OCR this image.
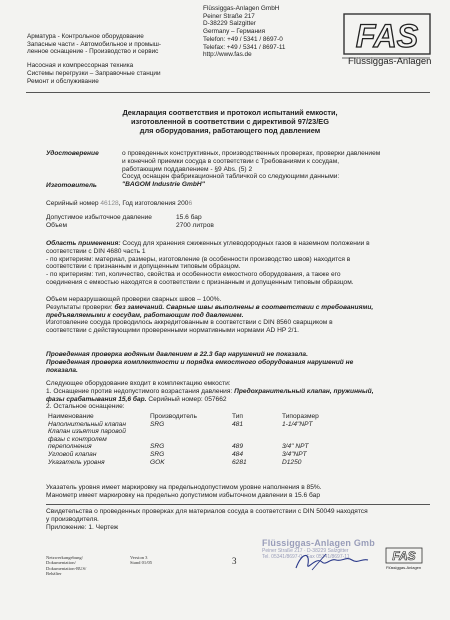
Арматура - Контрольное оборудование
Запасные части - Автомобильное и промыш-
ленное оснащение - Производство и сервис
Насосная и компрессорная техника
Системы перегрузки – Заправочные станции
Ремонт и обслуживание
Flüssiggas-Anlagen GmbH
Peiner Straße 217
D-38229 Salzgitter
Germany – Германия
Telefon: +49 / 5341 / 8697-0
Telefax: +49 / 5341 / 8697-11
http://www.fas.de
FAS
Flüssiggas-Anlagen
Декларация соответствия и протокол испытаний емкости,
изготовленной в соответствии с директивой 97/23/EG
для оборудования, работающего под давлением
Удостоверение	о проведенных конструктивных, производственных проверках, проверки давлением
и конечной приемки сосуда в соответствии с Требованиями к сосудам,
работающим поддавлением - §9 Abs. (5) 2
Сосуд оснащен фабрикационной табличкой со следующими данными:
Изготовитель	"BAGOM Industrie GmbH"
Серийный номер 46128, Год изготовления 2006
Допустимое избыточное давление	15.6 бар
Объем	2700 литров
Область применения: Сосуд для хранения сжиженных углеводородных газов в наземном положении в
соответствии с DIN 4680 часть 1
- по критериям: материал, размеры, изготовление (в особенности производство швов) находится в
соответствии с признанным и допущенным типовым образцом.
- по критериям: тип, количество, свойства и особенности емкостного оборудования, а также его
соединения с емкостью находятся в соответствии с признанным и допущенным типовым образцом.
Объем неразрушающей проверки сварных швов – 100%.
Результаты проверки: без замечаний. Сварные швы выполнены в соответствии с требованиями,
предъявляемыми к сосудам, работающим под давлением.
Изготовление сосуда проводилось аккредитованным в соответствии с DIN 8560 сварщиком в
соответствии с действующими проверенными нормативными нормами AD HP 2/1.
Проведенная проверка водяным давлением в 22.3 бар нарушений не показала.
Проведенная проверка комплектности и порядка емкостного оборудования нарушений не
показала.
Следующее оборудование входит в комплектацию емкости:
1. Оснащение против недопустимого возрастания давления: Предохранительный клапан, пружинный,
фазы срабатывания 15,6 бар. Серийный номер: 057662
2. Остальное оснащение:
Наименование	Производитель	Тип	Типоразмер
Наполнительный клапан	SRG	481	1-1/4"NPT
Клапан изъятия паровой			
фазы с контролем			
переполнения	SRG	489	3/4" NPT
Угловой клапан	SRG	484	3/4"NPT
Указатель уровня	GOK	6281	D1250
Указатель уровня имеет маркировку на предельнодопустимом уровне наполнения в 85%.
Манометр имеет маркировку на предельно допустимом избыточном давлении в 15.6 бар
Свидетельства о проведенных проверках для материалов сосуда в соответствии с DIN 50049 находятся
у производителя.
Приложение: 1. Чертеж
Netzwerkangebung/
Dokumentation/
Dokumentation-RUS/
Behälter
Version 3
Stand 01/05	3
Flüssiggas-Anlagen Gmb
Peiner Straße 217 · D-38229 Salzgitter
Tel. 05341/8697-0 · Fax 05341/8697-11	FAS
Flüssiggas-Anlagen
